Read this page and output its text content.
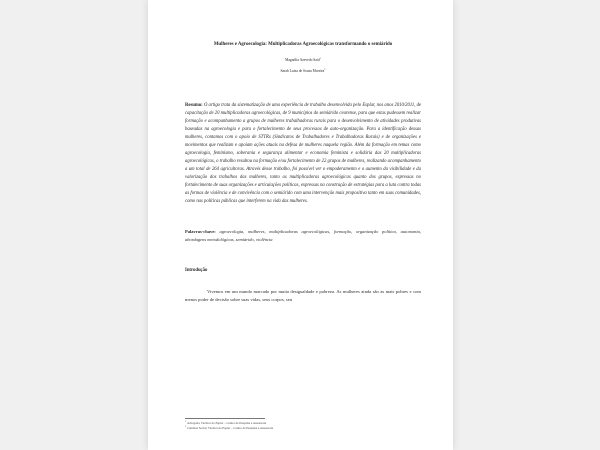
Mulheres e Agroecologia: Multiplicadoras Agroecológicas transformando o semiárido

Magnólia Azevedo Said$^1$

Sarah Luiza de Souza Moreira$^2$

Resumo: O artigo trata da sistematização de uma experiência de trabalho desenvolvida pelo Esplar, nos anos 2010/2011, de capacitação de 20 multiplicadoras agroecológicas, de 9 municípios do semiárido cearense, para que estas pudessem realizar formação e acompanhamento a grupos de mulheres trabalhadoras rurais para o desenvolvimento de atividades produtivas baseadas na agroecologia e para o fortalecimento de seus processos de auto-organização. Para a identificação dessas mulheres, contamos com o apoio de STTRs (Sindicatos de Trabalhadores e Trabalhadoras Rurais) e de organizações e movimentos que realizam e apoiam ações atuais na defesa de mulheres naquela região. Além da formação em temas como agroecologia, feminismo, soberania e segurança alimentar e economia feminista e solidária das 20 multiplicadoras agroecológicas, o trabalho resultou na formação e/ou fortalecimento de 22 grupos de mulheres, realizando acompanhamento a um total de 264 agricultoras. Através desse trabalho, foi possível ver o empoderamento e o aumento da visibilidade e da valorização dos trabalhos das mulheres, tanto as multiplicadoras agroecológicas quanto dos grupos, expressas no fortalecimento de suas organizações e articulações políticas, expressas na construção de estratégias para a luta contra todas as formas de violência e de convivência com o semiárido com uma intervenção mais propositiva tanto em suas comunidades, como nas políticas públicas que interferem na vida das mulheres.

Palavras-chave: agroecologia, mulheres, multiplicadoras agroecológicas, formação, organização política, autonomia, abordagens metodológicas, semiárido, violência

Introdução

Vivemos em um mundo marcado por muita desigualdade e pobreza. As mulheres ainda são as mais pobres e com menos poder de decisão sobre suas vidas, seus corpos, seu

$^1$ Advogada, Técnica do Esplar – Centro de Pesquisa e Assessoria

$^2$ Cientista Social, Técnica do Esplar – Centro de Pesquisa e Assessoria
